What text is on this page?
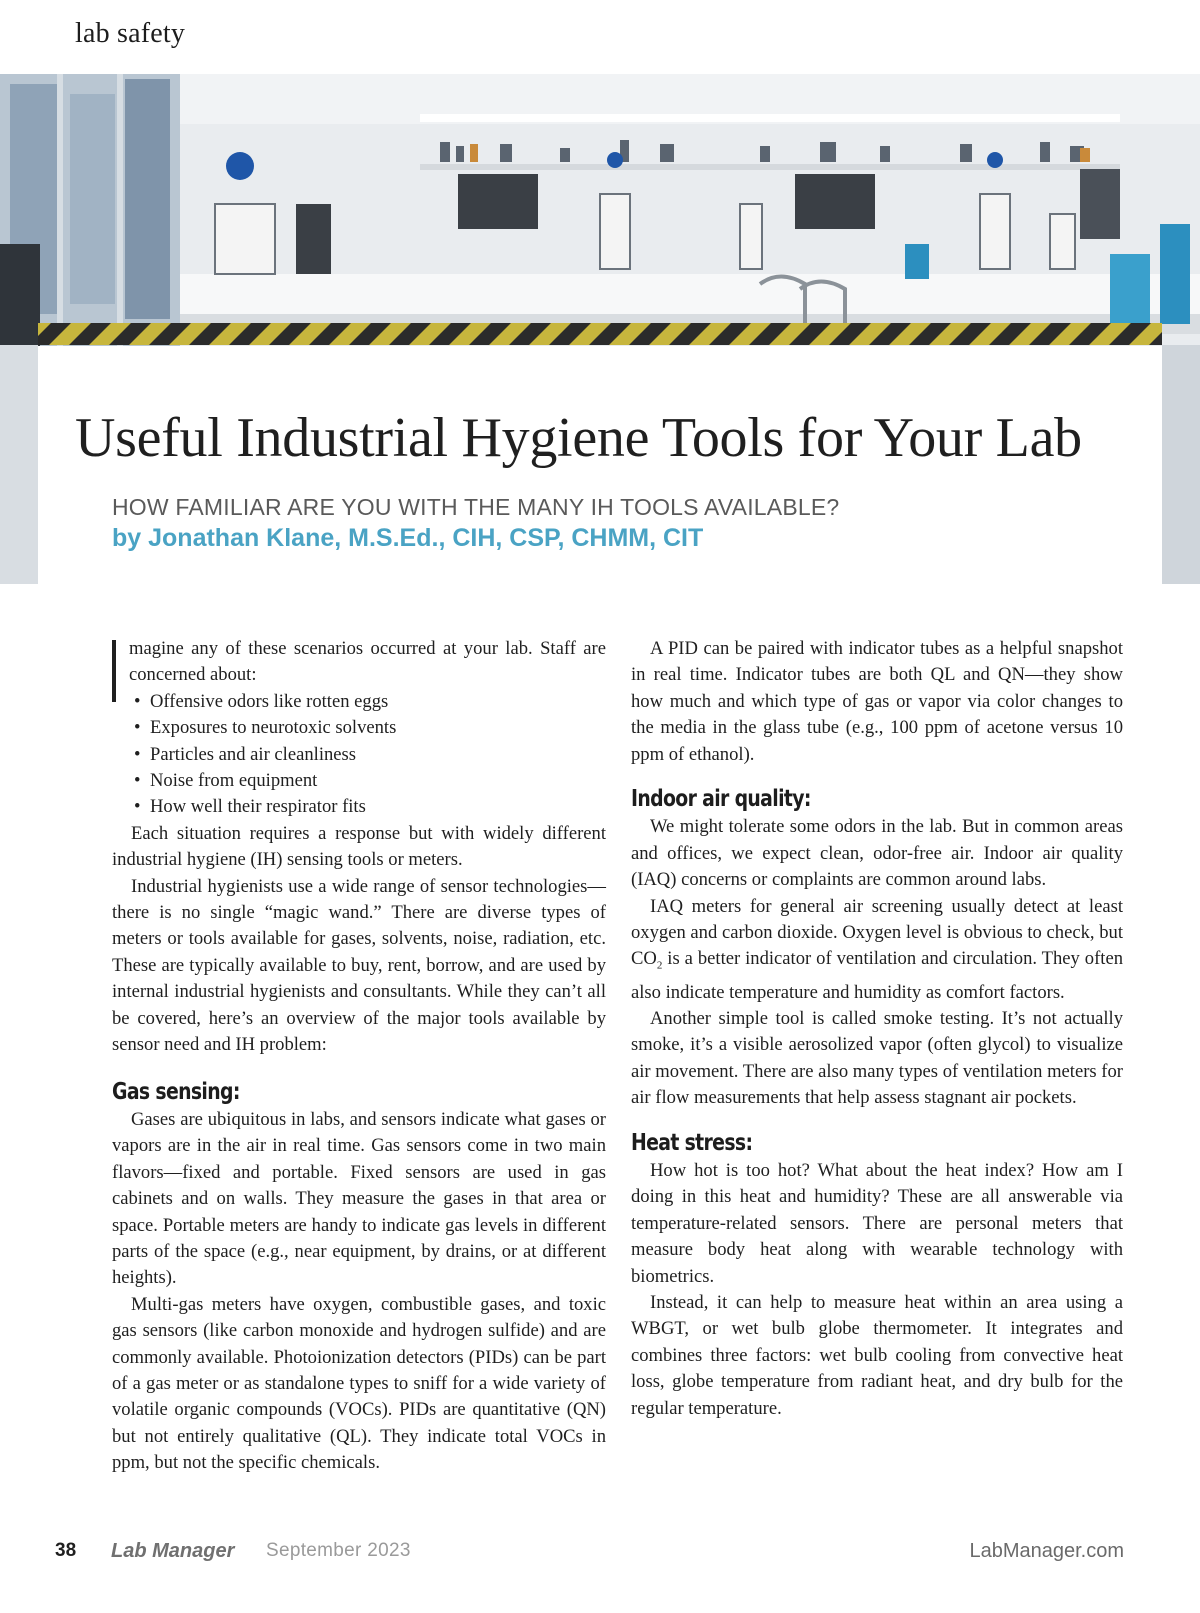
lab safety
Useful Industrial Hygiene Tools for Your Lab
HOW FAMILIAR ARE YOU WITH THE MANY IH TOOLS AVAILABLE?
by Jonathan Klane, M.S.Ed., CIH, CSP, CHMM, CIT

magine any of these scenarios occurred at your lab. Staff are concerned about:

• Offensive odors like rotten eggs
• Exposures to neurotoxic solvents
• Particles and air cleanliness
• Noise from equipment
• How well their respirator fits

Each situation requires a response but with widely different industrial hygiene (IH) sensing tools or meters.

Industrial hygienists use a wide range of sensor technologies—there is no single “magic wand.” There are diverse types of meters or tools available for gases, solvents, noise, radiation, etc. These are typically available to buy, rent, borrow, and are used by internal industrial hygienists and consultants. While they can’t all be covered, here’s an overview of the major tools available by sensor need and IH problem:

Gas sensing:

Gases are ubiquitous in labs, and sensors indicate what gases or vapors are in the air in real time. Gas sensors come in two main flavors—fixed and portable. Fixed sensors are used in gas cabinets and on walls. They measure the gases in that area or space. Portable meters are handy to indicate gas levels in different parts of the space (e.g., near equipment, by drains, or at different heights).

Multi-gas meters have oxygen, combustible gases, and toxic gas sensors (like carbon monoxide and hydrogen sulfide) and are commonly available. Photoionization detectors (PIDs) can be part of a gas meter or as standalone types to sniff for a wide variety of volatile organic compounds (VOCs). PIDs are quantitative (QN) but not entirely qualitative (QL). They indicate total VOCs in ppm, but not the specific chemicals.

A PID can be paired with indicator tubes as a helpful snapshot in real time. Indicator tubes are both QL and QN—they show how much and which type of gas or vapor via color changes to the media in the glass tube (e.g., 100 ppm of acetone versus 10 ppm of ethanol).

Indoor air quality:

We might tolerate some odors in the lab. But in common areas and offices, we expect clean, odor-free air. Indoor air quality (IAQ) concerns or complaints are common around labs.

IAQ meters for general air screening usually detect at least oxygen and carbon dioxide. Oxygen level is obvious to check, but $CO_2$ is a better indicator of ventilation and circulation. They often also indicate temperature and humidity as comfort factors.

Another simple tool is called smoke testing. It’s not actually smoke, it’s a visible aerosolized vapor (often glycol) to visualize air movement. There are also many types of ventilation meters for air flow measurements that help assess stagnant air pockets.

Heat stress:

How hot is too hot? What about the heat index? How am I doing in this heat and humidity? These are all answerable via temperature-related sensors. There are personal meters that measure body heat along with wearable technology with biometrics.

Instead, it can help to measure heat within an area using a WBGT, or wet bulb globe thermometer. It integrates and combines three factors: wet bulb cooling from convective heat loss, globe temperature from radiant heat, and dry bulb for the regular temperature.

38 Lab Manager September 2023	LabManager.com
